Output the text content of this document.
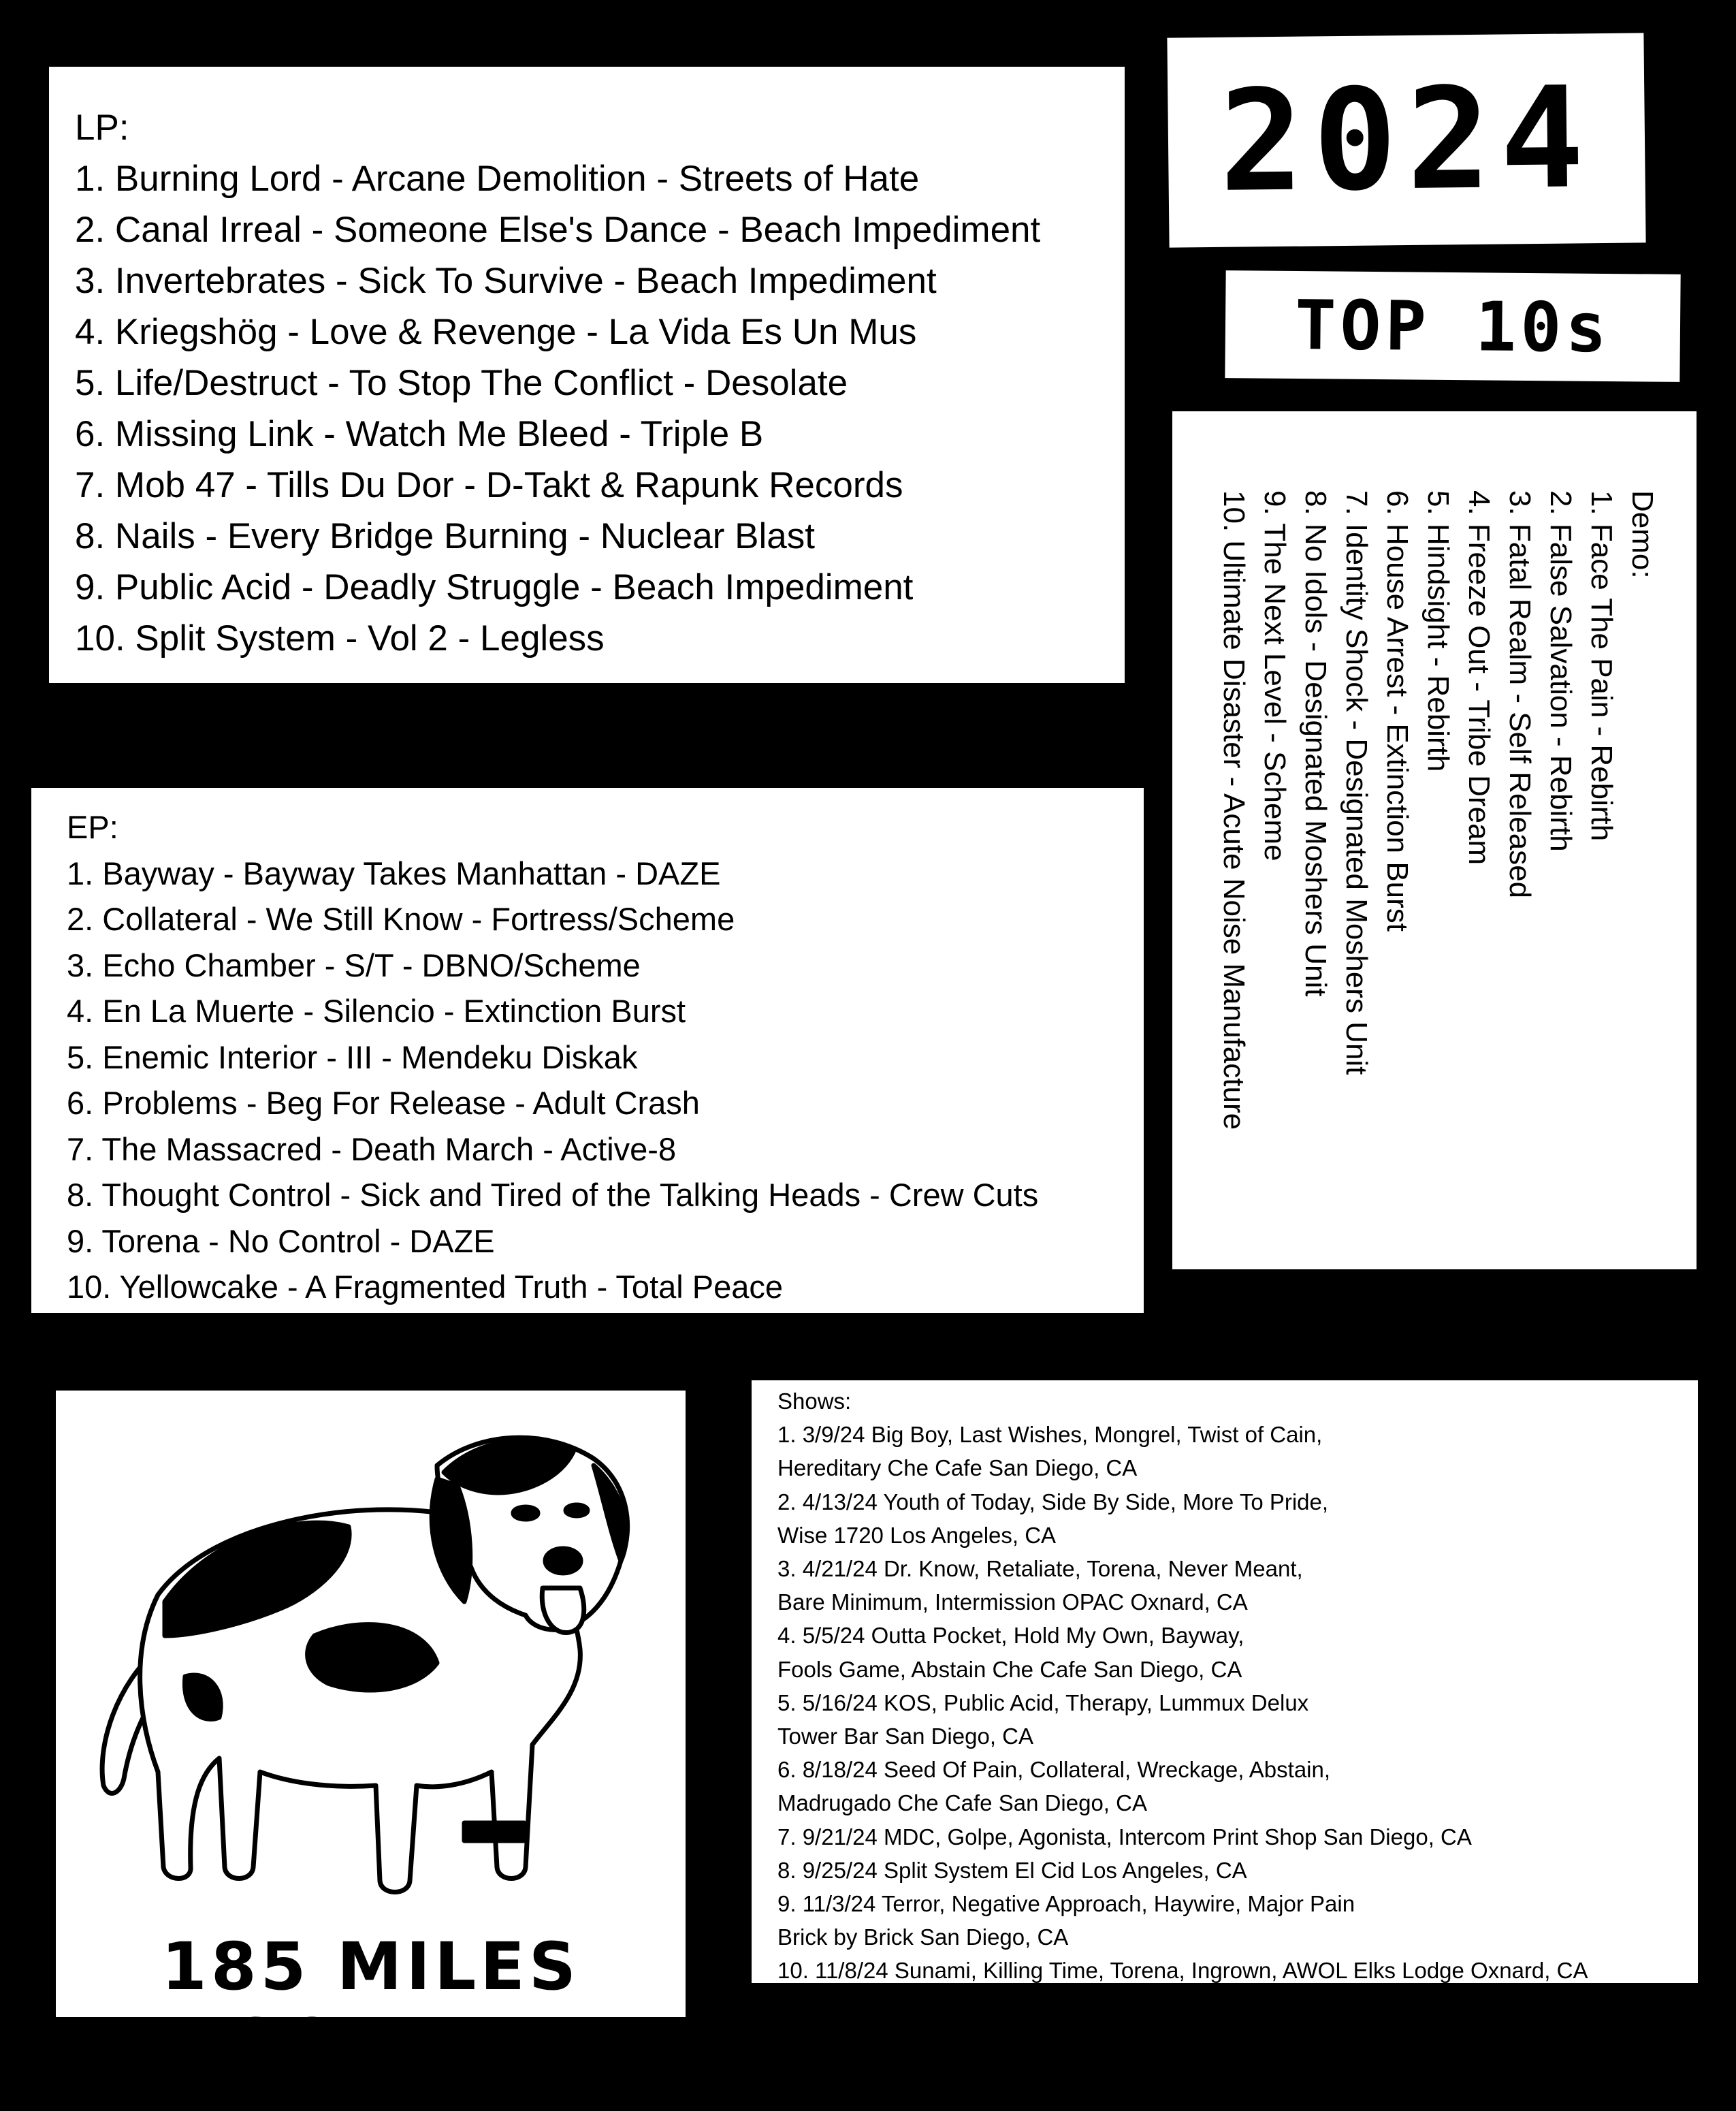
LP:
1. Burning Lord - Arcane Demolition - Streets of Hate
2. Canal Irreal - Someone Else's Dance - Beach Impediment
3. Invertebrates - Sick To Survive - Beach Impediment
4. Kriegshög - Love & Revenge - La Vida Es Un Mus
5. Life/Destruct - To Stop The Conflict - Desolate
6. Missing Link - Watch Me Bleed - Triple B
7. Mob 47 - Tills Du Dor - D-Takt & Rapunk Records
8. Nails - Every Bridge Burning - Nuclear Blast
9. Public Acid - Deadly Struggle - Beach Impediment
10. Split System - Vol 2 - Legless
2024
TOP 10s
Demo:
1. Face The Pain - Rebirth
2. False Salvation - Rebirth
3. Fatal Realm - Self Released
4. Freeze Out - Tribe Dream
5. Hindsight - Rebirth
6. House Arrest - Extinction Burst
7. Identity Shock - Designated Moshers Unit
8. No Idols - Designated Moshers Unit
9. The Next Level - Scheme
10. Ultimate Disaster - Acute Noise Manufacture
EP:
1. Bayway - Bayway Takes Manhattan - DAZE
2. Collateral - We Still Know - Fortress/Scheme
3. Echo Chamber - S/T - DBNO/Scheme
4. En La Muerte - Silencio - Extinction Burst
5. Enemic Interior - III - Mendeku Diskak
6. Problems - Beg For Release - Adult Crash
7. The Massacred - Death March - Active-8
8. Thought Control - Sick and Tired of the Talking Heads - Crew Cuts
9. Torena - No Control - DAZE
10. Yellowcake - A Fragmented Truth - Total Peace
185 MILES SOUTH
Shows:
1. 3/9/24 Big Boy, Last Wishes, Mongrel, Twist of Cain,
Hereditary Che Cafe San Diego, CA
2. 4/13/24 Youth of Today, Side By Side, More To Pride,
Wise 1720 Los Angeles, CA
3. 4/21/24 Dr. Know, Retaliate, Torena, Never Meant,
Bare Minimum, Intermission OPAC Oxnard, CA
4. 5/5/24 Outta Pocket, Hold My Own, Bayway,
Fools Game, Abstain Che Cafe San Diego, CA
5. 5/16/24 KOS, Public Acid, Therapy, Lummux Delux
Tower Bar San Diego, CA
6. 8/18/24 Seed Of Pain, Collateral, Wreckage, Abstain,
Madrugado Che Cafe San Diego, CA
7. 9/21/24 MDC, Golpe, Agonista, Intercom Print Shop San Diego, CA
8. 9/25/24 Split System El Cid Los Angeles, CA
9. 11/3/24 Terror, Negative Approach, Haywire, Major Pain
Brick by Brick San Diego, CA
10. 11/8/24 Sunami, Killing Time, Torena, Ingrown, AWOL Elks Lodge Oxnard, CA
